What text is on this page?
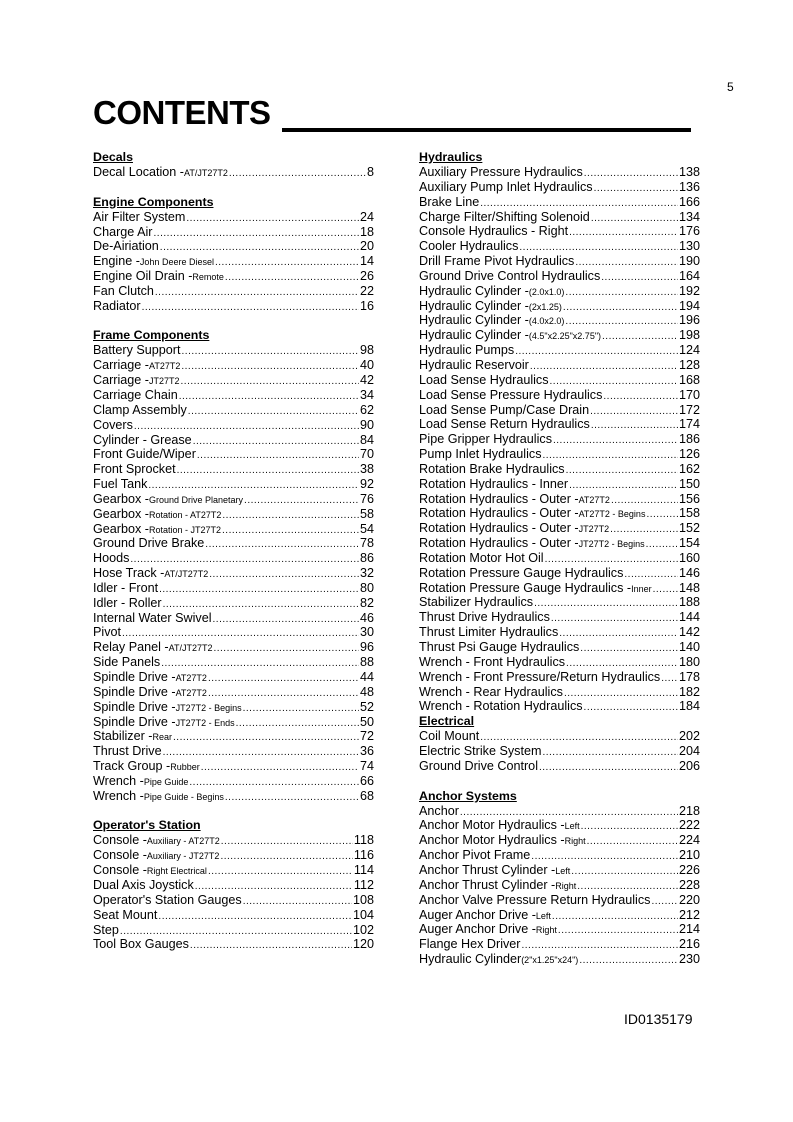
5
CONTENTS
Decals
Decal Location - AT/JT27T2 .....	8
Engine Components
Air Filter System .....	24
Charge Air .....	18
De-Airiation .....	20
Engine - John Deere Diesel .....	14
Engine Oil Drain - Remote .....	26
Fan Clutch .....	22
Radiator .....	16
Frame Components
Battery Support .....	98
Carriage - AT27T2 .....	40
Carriage - JT27T2 .....	42
Carriage Chain .....	34
Clamp Assembly .....	62
Covers .....	90
Cylinder - Grease .....	84
Front Guide/Wiper .....	70
Front Sprocket .....	38
Fuel Tank .....	92
Gearbox - Ground Drive Planetary .....	76
Gearbox - Rotation - AT27T2 .....	58
Gearbox - Rotation - JT27T2 .....	54
Ground Drive Brake .....	78
Hoods .....	86
Hose Track - AT/JT27T2 .....	32
Idler - Front .....	80
Idler - Roller .....	82
Internal Water Swivel .....	46
Pivot .....	30
Relay Panel - AT/JT27T2 .....	96
Side Panels .....	88
Spindle Drive - AT27T2 .....	44
Spindle Drive - AT27T2 .....	48
Spindle Drive - JT27T2 - Begins .....	52
Spindle Drive - JT27T2 - Ends .....	50
Stabilizer - Rear .....	72
Thrust Drive .....	36
Track Group - Rubber .....	74
Wrench - Pipe Guide .....	66
Wrench - Pipe Guide - Begins .....	68
Operator's Station
Console - Auxiliary - AT27T2 .....	118
Console - Auxiliary - JT27T2 .....	116
Console - Right Electrical .....	114
Dual Axis Joystick .....	112
Operator's Station Gauges .....	108
Seat Mount .....	104
Step .....	102
Tool Box Gauges .....	120
Hydraulics
Auxiliary Pressure Hydraulics .....	138
Auxiliary Pump Inlet Hydraulics .....	136
Brake Line .....	166
Charge Filter/Shifting Solenoid .....	134
Console Hydraulics - Right .....	176
Cooler Hydraulics .....	130
Drill Frame Pivot Hydraulics .....	190
Ground Drive Control Hydraulics .....	164
Hydraulic Cylinder - (2.0x1.0) .....	192
Hydraulic Cylinder - (2x1.25) .....	194
Hydraulic Cylinder - (4.0x2.0) .....	196
Hydraulic Cylinder - (4.5"x2.25"x2.75") .....	198
Hydraulic Pumps .....	124
Hydraulic Reservoir .....	128
Load Sense Hydraulics .....	168
Load Sense Pressure Hydraulics .....	170
Load Sense Pump/Case Drain .....	172
Load Sense Return Hydraulics .....	174
Pipe Gripper Hydraulics .....	186
Pump Inlet Hydraulics .....	126
Rotation Brake Hydraulics .....	162
Rotation Hydraulics - Inner .....	150
Rotation Hydraulics - Outer - AT27T2 .....	156
Rotation Hydraulics - Outer - AT27T2 - Begins .....	158
Rotation Hydraulics - Outer - JT27T2 .....	152
Rotation Hydraulics - Outer - JT27T2 - Begins .....	154
Rotation Motor Hot Oil .....	160
Rotation Pressure Gauge Hydraulics .....	146
Rotation Pressure Gauge Hydraulics - Inner ..... 148
Stabilizer Hydraulics .....	188
Thrust Drive Hydraulics .....	144
Thrust Limiter Hydraulics .....	142
Thrust Psi Gauge Hydraulics .....	140
Wrench - Front Hydraulics .....	180
Wrench - Front Pressure/Return Hydraulics ..... 178
Wrench - Rear Hydraulics .....	182
Wrench - Rotation Hydraulics .....	184
Electrical
Coil Mount .....	202
Electric Strike System .....	204
Ground Drive Control .....	206
Anchor Systems
Anchor .....	218
Anchor Motor Hydraulics - Left .....	222
Anchor Motor Hydraulics - Right .....	224
Anchor Pivot Frame .....	210
Anchor Thrust Cylinder - Left .....	226
Anchor Thrust Cylinder - Right .....	228
Anchor Valve Pressure Return Hydraulics ..... 220
Auger Anchor Drive - Left .....	212
Auger Anchor Drive - Right .....	214
Flange Hex Driver .....	216
Hydraulic Cylinder (2"x1.25"x24") .....	230
ID0135179
